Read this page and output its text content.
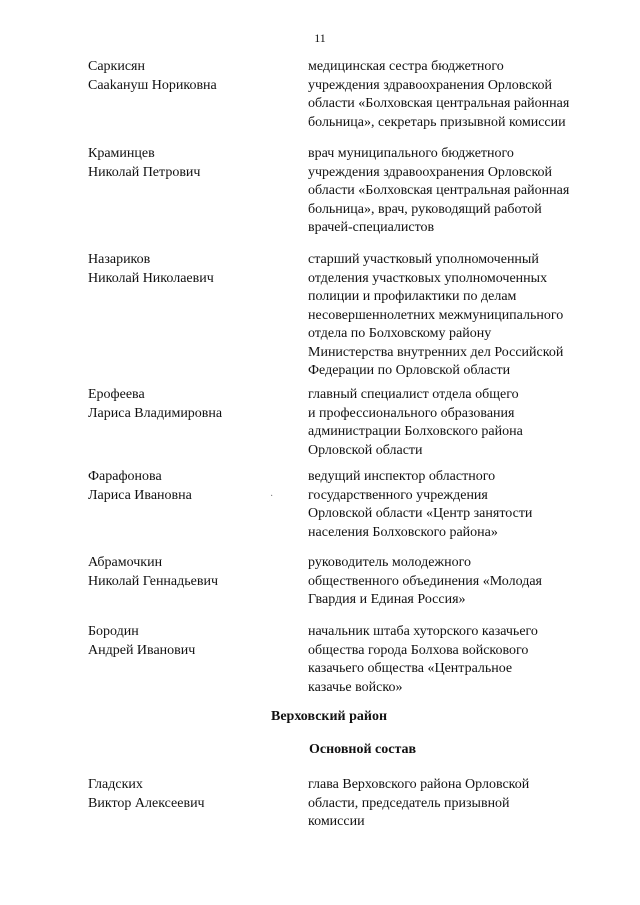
11
Саркисян
Сааkануш Нориковна
медицинская сестра бюджетного
учреждения здравоохранения Орловской
области «Болховская центральная районная
больница», секретарь призывной комиссии
Краминцев
Николай Петрович
врач муниципального бюджетного
учреждения здравоохранения Орловской
области «Болховская центральная районная
больница», врач, руководящий работой
врачей-специалистов
Назариков
Николай Николаевич
старший участковый уполномоченный
отделения участковых уполномоченных
полиции и профилактики по делам
несовершеннолетних межмуниципального
отдела по Болховскому району
Министерства внутренних дел Российской
Федерации по Орловской области
Ерофеева
Лариса Владимировна
главный специалист отдела общего
и профессионального образования
администрации Болховского района
Орловской области
Фарафонова
Лариса Ивановна
ведущий инспектор областного
государственного учреждения
Орловской области «Центр занятости
населения Болховского района»
·
Абрамочкин
Николай Геннадьевич
руководитель молодежного
общественного объединения «Молодая
Гвардия и Единая Россия»
Бородин
Андрей Иванович
начальник штаба хуторского казачьего
общества города Болхова войскового
казачьего общества «Центральное
казачье войско»
Верховский район
Основной состав
Гладских
Виктор Алексеевич
глава Верховского района Орловской
области, председатель призывной
комиссии
